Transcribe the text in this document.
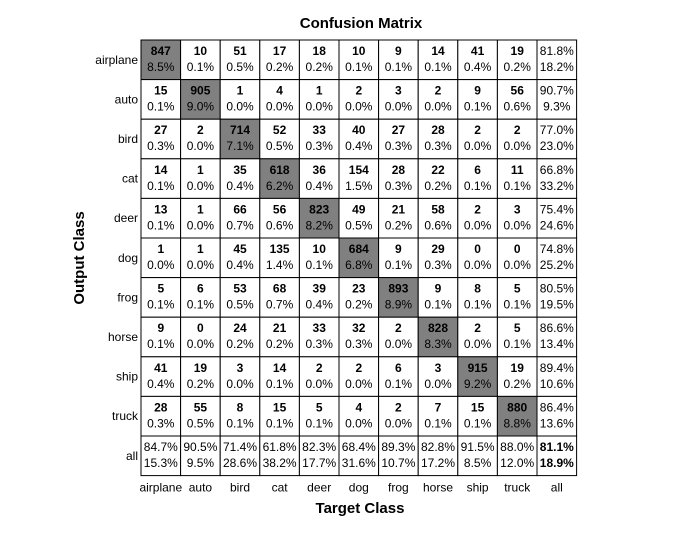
Confusion Matrix
Target Class
Output Class
847
8.5%
10
0.1%
51
0.5%
17
0.2%
18
0.2%
10
0.1%
9
0.1%
14
0.1%
41
0.4%
19
0.2%
81.8%
18.2%
15
0.1%
905
9.0%
1
0.0%
4
0.0%
1
0.0%
2
0.0%
3
0.0%
2
0.0%
9
0.1%
56
0.6%
90.7%
9.3%
27
0.3%
2
0.0%
714
7.1%
52
0.5%
33
0.3%
40
0.4%
27
0.3%
28
0.3%
2
0.0%
2
0.0%
77.0%
23.0%
14
0.1%
1
0.0%
35
0.4%
618
6.2%
36
0.4%
154
1.5%
28
0.3%
22
0.2%
6
0.1%
11
0.1%
66.8%
33.2%
13
0.1%
1
0.0%
66
0.7%
56
0.6%
823
8.2%
49
0.5%
21
0.2%
58
0.6%
2
0.0%
3
0.0%
75.4%
24.6%
1
0.0%
1
0.0%
45
0.4%
135
1.4%
10
0.1%
684
6.8%
9
0.1%
29
0.3%
0
0.0%
0
0.0%
74.8%
25.2%
5
0.1%
6
0.1%
53
0.5%
68
0.7%
39
0.4%
23
0.2%
893
8.9%
9
0.1%
8
0.1%
5
0.1%
80.5%
19.5%
9
0.1%
0
0.0%
24
0.2%
21
0.2%
33
0.3%
32
0.3%
2
0.0%
828
8.3%
2
0.0%
5
0.1%
86.6%
13.4%
41
0.4%
19
0.2%
3
0.0%
14
0.1%
2
0.0%
2
0.0%
6
0.1%
3
0.0%
915
9.2%
19
0.2%
89.4%
10.6%
28
0.3%
55
0.5%
8
0.1%
15
0.1%
5
0.1%
4
0.0%
2
0.0%
7
0.1%
15
0.1%
880
8.8%
86.4%
13.6%
84.7%
15.3%
90.5%
9.5%
71.4%
28.6%
61.8%
38.2%
82.3%
17.7%
68.4%
31.6%
89.3%
10.7%
82.8%
17.2%
91.5%
8.5%
88.0%
12.0%
81.1%
18.9%
airplane
airplane
auto
auto
bird
bird
cat
cat
deer
deer
dog
dog
frog
frog
horse
horse
ship
ship
truck
truck
all
all
